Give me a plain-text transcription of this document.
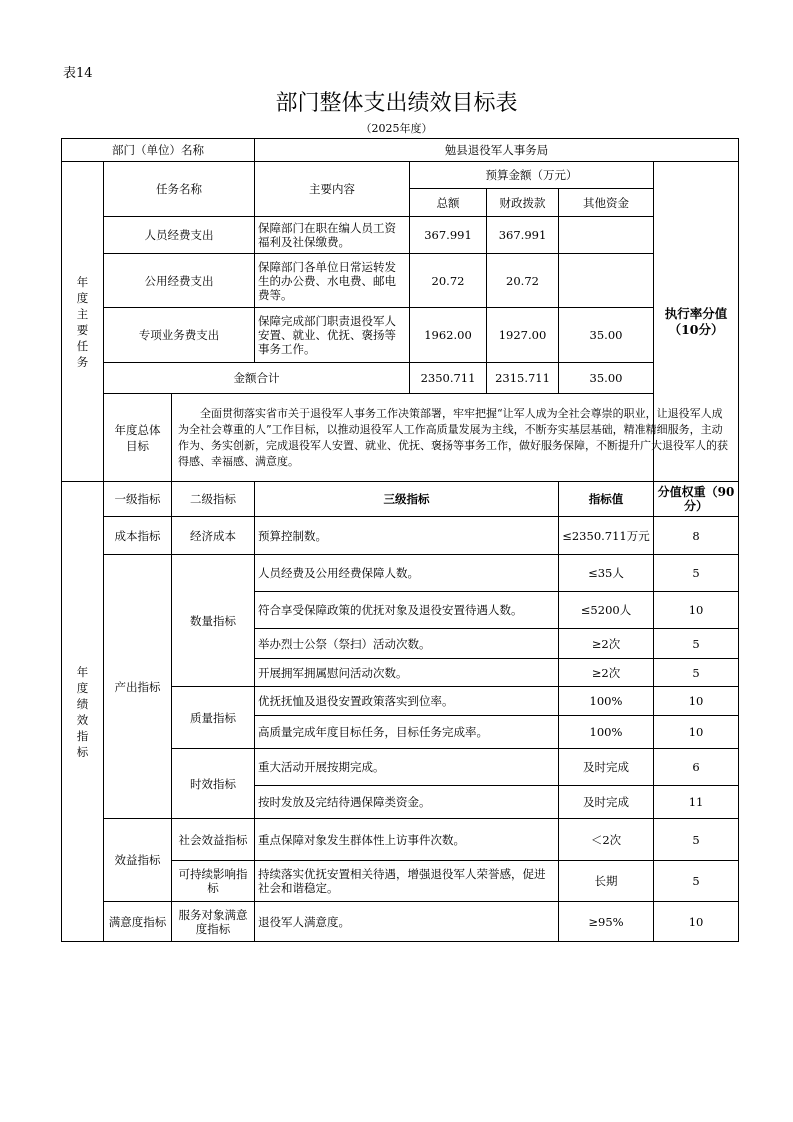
表14
部门整体支出绩效目标表
（2025年度）
部门（单位）名称			勉县退役军人事务局				
年度主要任务	任务名称		主要内容	预算金额（万元）			执行率分值（10分）
				总额	财政拨款	其他资金	
	人员经费支出		保障部门在职在编人员工资福利及社保缴费。	367.991	367.991		
	公用经费支出		保障部门各单位日常运转发生的办公费、水电费、邮电费等。	20.72	20.72		
	专项业务费支出		保障完成部门职责退役军人安置、就业、优抚、褒扬等事务工作。	1962.00	1927.00	35.00	
	金额合计			2350.711	2315.711	35.00	
	年度总体目标	全面贯彻落实省市关于退役军人事务工作决策部署，牢牢把握“让军人成为全社会尊崇的职业，让退役军人成为全社会尊重的人”工作目标，以推动退役军人工作高质量发展为主线，不断夯实基层基础，精准精细服务，主动作为、务实创新，完成退役军人安置、就业、优抚、褒扬等事务工作，做好服务保障，不断提升广大退役军人的获得感、幸福感、满意度。					
年度绩效指标	一级指标	二级指标	三级指标			指标值	分值权重（90分）
	成本指标	经济成本	预算控制数。			≤2350.711万元	8
	产出指标	数量指标	人员经费及公用经费保障人数。			≤35人	5
			符合享受保障政策的优抚对象及退役安置待遇人数。			≤5200人	10
			举办烈士公祭（祭扫）活动次数。			≥2次	5
			开展拥军拥属慰问活动次数。			≥2次	5
		质量指标	优抚抚恤及退役安置政策落实到位率。			100%	10
			高质量完成年度目标任务，目标任务完成率。			100%	10
		时效指标	重大活动开展按期完成。			及时完成	6
			按时发放及完结待遇保障类资金。			及时完成	11
	效益指标	社会效益指标	重点保障对象发生群体性上访事件次数。			＜2次	5
		可持续影响指标	持续落实优抚安置相关待遇，增强退役军人荣誉感，促进社会和谐稳定。			长期	5
	满意度指标	服务对象满意度指标	退役军人满意度。			≥95%	10
